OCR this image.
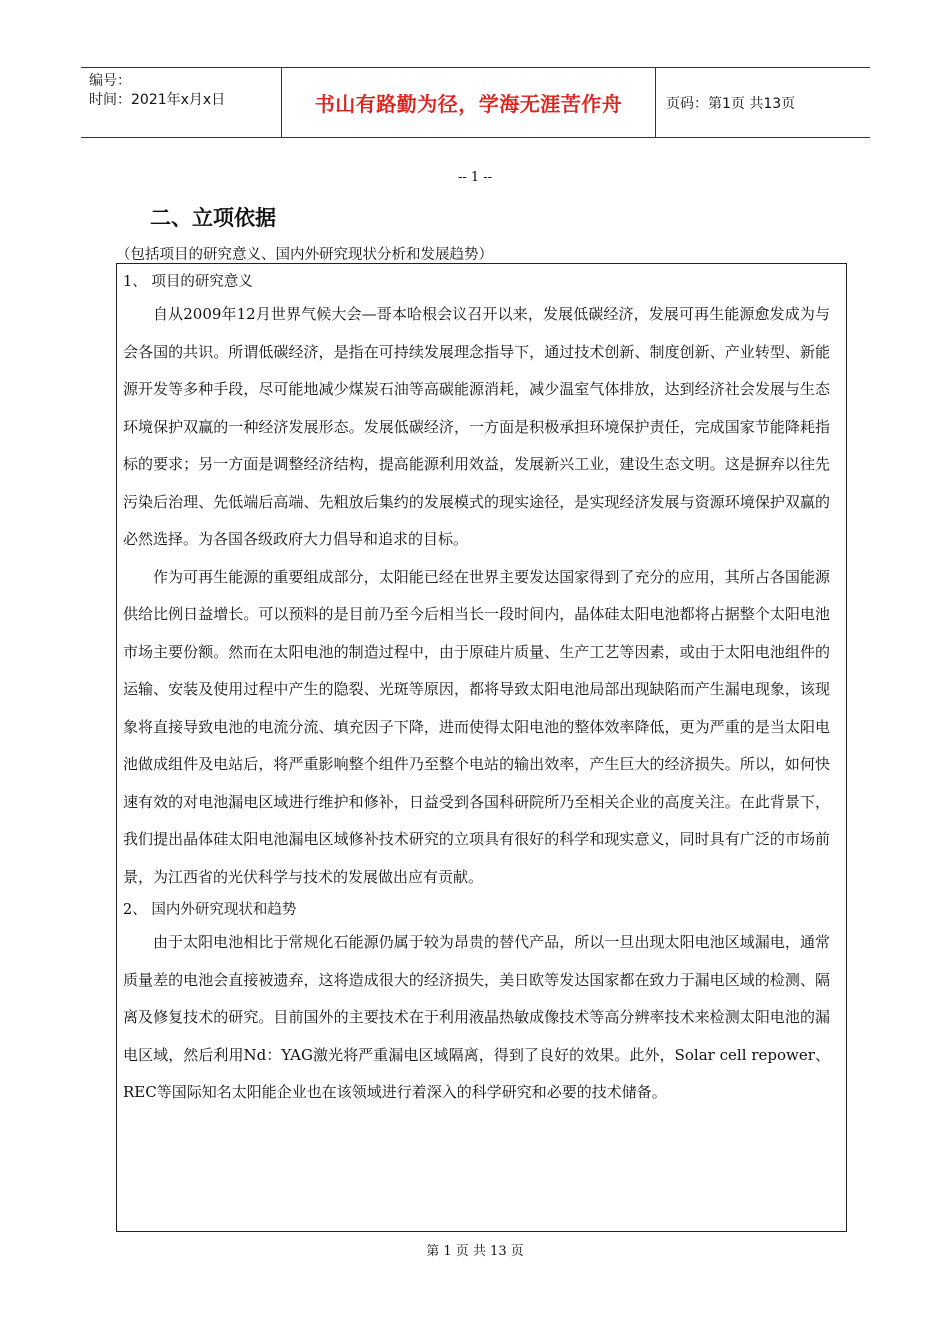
编号：
时间：2021年x月x日	书山有路勤为径，学海无涯苦作舟	页码：第1页 共13页
-- 1 --
二、立项依据
（包括项目的研究意义、国内外研究现状分析和发展趋势）

1、 项目的研究意义

自从2009年12月世界气候大会—哥本哈根会议召开以来，发展低碳经济，发展可再生能源愈发成为与会各国的共识。所谓低碳经济，是指在可持续发展理念指导下，通过技术创新、制度创新、产业转型、新能源开发等多种手段，尽可能地减少煤炭石油等高碳能源消耗，减少温室气体排放，达到经济社会发展与生态环境保护双赢的一种经济发展形态。发展低碳经济，一方面是积极承担环境保护责任，完成国家节能降耗指标的要求；另一方面是调整经济结构，提高能源利用效益，发展新兴工业，建设生态文明。这是摒弃以往先污染后治理、先低端后高端、先粗放后集约的发展模式的现实途径，是实现经济发展与资源环境保护双赢的必然选择。为各国各级政府大力倡导和追求的目标。

作为可再生能源的重要组成部分，太阳能已经在世界主要发达国家得到了充分的应用，其所占各国能源供给比例日益增长。可以预料的是目前乃至今后相当长一段时间内，晶体硅太阳电池都将占据整个太阳电池市场主要份额。然而在太阳电池的制造过程中，由于原硅片质量、生产工艺等因素，或由于太阳电池组件的运输、安装及使用过程中产生的隐裂、光斑等原因，都将导致太阳电池局部出现缺陷而产生漏电现象，该现象将直接导致电池的电流分流、填充因子下降，进而使得太阳电池的整体效率降低，更为严重的是当太阳电池做成组件及电站后，将严重影响整个组件乃至整个电站的输出效率，产生巨大的经济损失。所以，如何快速有效的对电池漏电区域进行维护和修补，日益受到各国科研院所乃至相关企业的高度关注。在此背景下，我们提出晶体硅太阳电池漏电区域修补技术研究的立项具有很好的科学和现实意义，同时具有广泛的市场前景，为江西省的光伏科学与技术的发展做出应有贡献。

2、 国内外研究现状和趋势

由于太阳电池相比于常规化石能源仍属于较为昂贵的替代产品，所以一旦出现太阳电池区域漏电，通常质量差的电池会直接被遗弃，这将造成很大的经济损失，美日欧等发达国家都在致力于漏电区域的检测、隔离及修复技术的研究。目前国外的主要技术在于利用液晶热敏成像技术等高分辨率技术来检测太阳电池的漏电区域，然后利用Nd：YAG激光将严重漏电区域隔离，得到了良好的效果。此外，Solar cell repower、REC等国际知名太阳能企业也在该领域进行着深入的科学研究和必要的技术储备。

第 1 页 共 13 页
